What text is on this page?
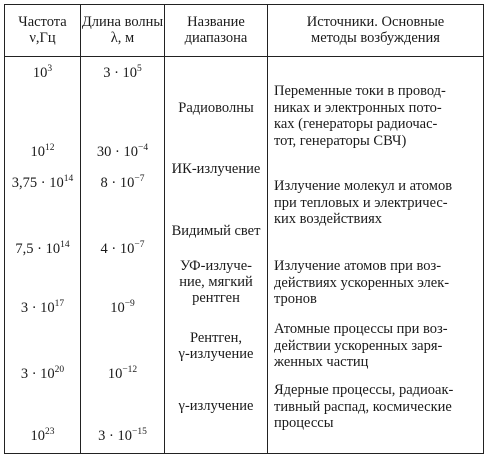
Частота
ν,Гц
Длина волны λ, м
Название
диапазона
Источники. Основные
методы возбуждения
$10^3$
$10^{12}$
$3,75 \cdot 10^{14}$
$7,5 \cdot 10^{14}$
$3 \cdot 10^{17}$
$3 \cdot 10^{20}$
$10^{23}$
$3 \cdot 10^5$
$30 \cdot 10^{-4}$
$8 \cdot 10^{-7}$
$4 \cdot 10^{-7}$
$10^{-9}$
$10^{-12}$
$3 \cdot 10^{-15}$
Радиоволны
ИК-излучение
Видимый свет
УФ-излуче-
ние, мягкий
рентген
Рентген,
γ-излучение
γ-излучение
Переменные токи в провод-
никах и электронных пото-
ках (генераторы радиочас-
тот, генераторы СВЧ)
Излучение молекул и атомов
при тепловых и электричес-
ких воздействиях
Излучение атомов при воз-
действиях ускоренных элек-
тронов
Атомные процессы при воз-
действии ускоренных заря-
женных частиц
Ядерные процессы, радиоак-
тивный распад, космические
процессы
